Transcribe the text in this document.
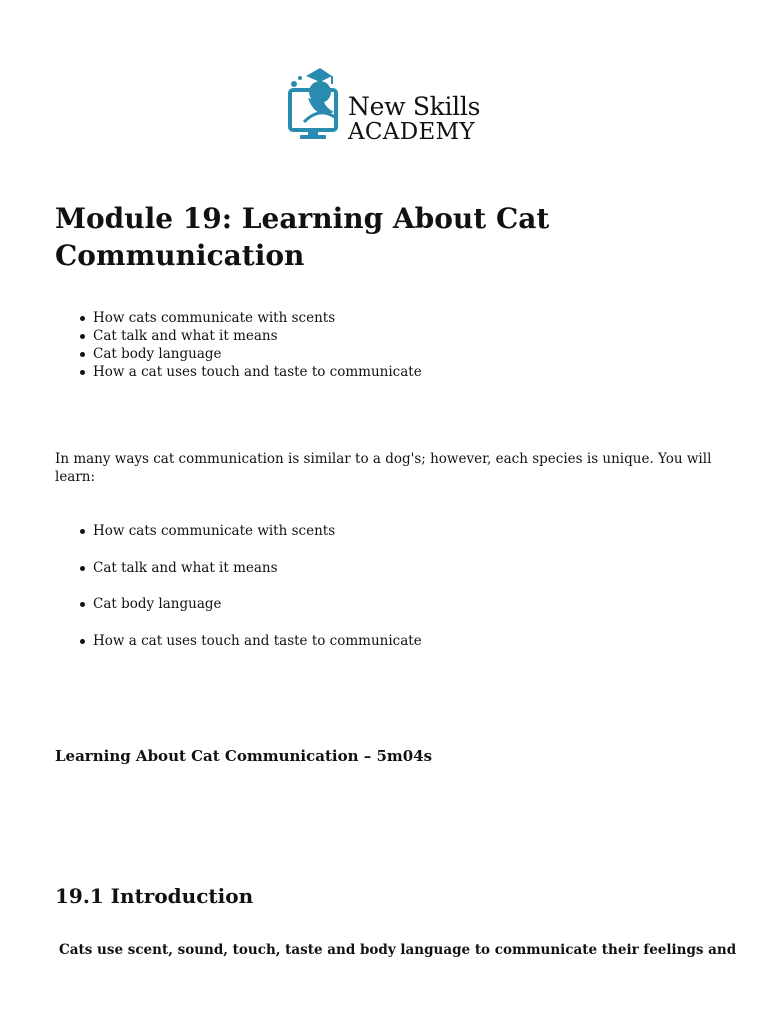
New Skills
ACADEMY
Module 19: Learning About Cat Communication
How cats communicate with scents
Cat talk and what it means
Cat body language
How a cat uses touch and taste to communicate

In many ways cat communication is similar to a dog's; however, each species is unique. You will learn:

How cats communicate with scents
Cat talk and what it means
Cat body language
How a cat uses touch and taste to communicate

Learning About Cat Communication – 5m04s

19.1 Introduction

Cats use scent, sound, touch, taste and body language to communicate their feelings and
